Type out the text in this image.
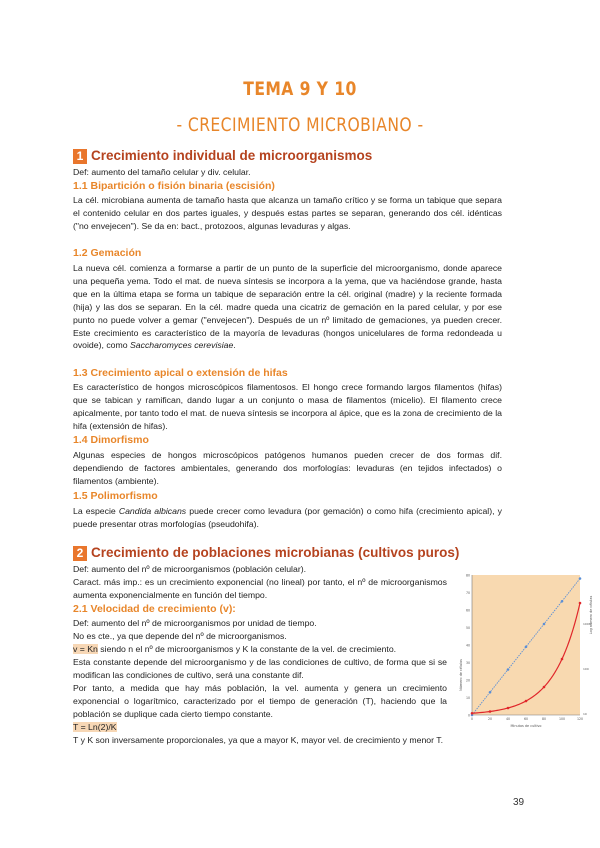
TEMA 9 Y 10
- CRECIMIENTO MICROBIANO -
1 Crecimiento individual de microorganismos
Def: aumento del tamaño celular y div. celular.
1.1 Bipartición o fisión binaria (escisión)
La cél. microbiana aumenta de tamaño hasta que alcanza un tamaño crítico y se forma un tabique que separa el contenido celular en dos partes iguales, y después estas partes se separan, generando dos cél. idénticas ("no envejecen"). Se da en: bact., protozoos, algunas levaduras y algas.
1.2 Gemación
La nueva cél. comienza a formarse a partir de un punto de la superficie del microorganismo, donde aparece una pequeña yema. Todo el mat. de nueva síntesis se incorpora a la yema, que va haciéndose grande, hasta que en la última etapa se forma un tabique de separación entre la cél. original (madre) y la reciente formada (hija) y las dos se separan. En la cél. madre queda una cicatriz de gemación en la pared celular, y por ese punto no puede volver a gemar ("envejecen"). Después de un nº limitado de gemaciones, ya pueden crecer. Este crecimiento es característico de la mayoría de levaduras (hongos unicelulares de forma redondeada u ovoide), como Saccharomyces cerevisiae.
1.3 Crecimiento apical o extensión de hifas
Es característico de hongos microscópicos filamentosos. El hongo crece formando largos filamentos (hifas) que se tabican y ramifican, dando lugar a un conjunto o masa de filamentos (micelio). El filamento crece apicalmente, por tanto todo el mat. de nueva síntesis se incorpora al ápice, que es la zona de crecimiento de la hifa (extensión de hifas).
1.4 Dimorfismo
Algunas especies de hongos microscópicos patógenos humanos pueden crecer de dos formas dif. dependiendo de factores ambientales, generando dos morfologías: levaduras (en tejidos infectados) o filamentos (ambiente).
1.5 Polimorfismo
La especie Candida albicans puede crecer como levadura (por gemación) o como hifa (crecimiento apical), y puede presentar otras morfologías (pseudohifa).
2 Crecimiento de poblaciones microbianas (cultivos puros)
Def: aumento del nº de microorganismos (población celular).
Caract. más imp.: es un crecimiento exponencial (no lineal) por tanto, el nº de microorganismos aumenta exponencialmente en función del tiempo.
2.1 Velocidad de crecimiento (v):
Def: aumento del nº de microorganismos por unidad de tiempo.
No es cte., ya que depende del nº de microorganismos.
v = Kn siendo n el nº de microorganismos y K la constante de la vel. de crecimiento.
Esta constante depende del microorganismo y de las condiciones de cultivo, de forma que si se modifican las condiciones de cultivo, será una constante dif.
Por tanto, a medida que hay más población, la vel. aumenta y genera un crecimiento exponencial o logarítmico, caracterizado por el tiempo de generación (T), haciendo que la población se duplique cada cierto tiempo constante.
T = Ln(2)/K
T y K son inversamente proporcionales, ya que a mayor K, mayor vel. de crecimiento y menor T.
0
10
20
30
40
50
60
70
80
0	20	40	60	80	100	120
1000
100
10
Minutos de cultivo
Número de células
Log número de células
39
